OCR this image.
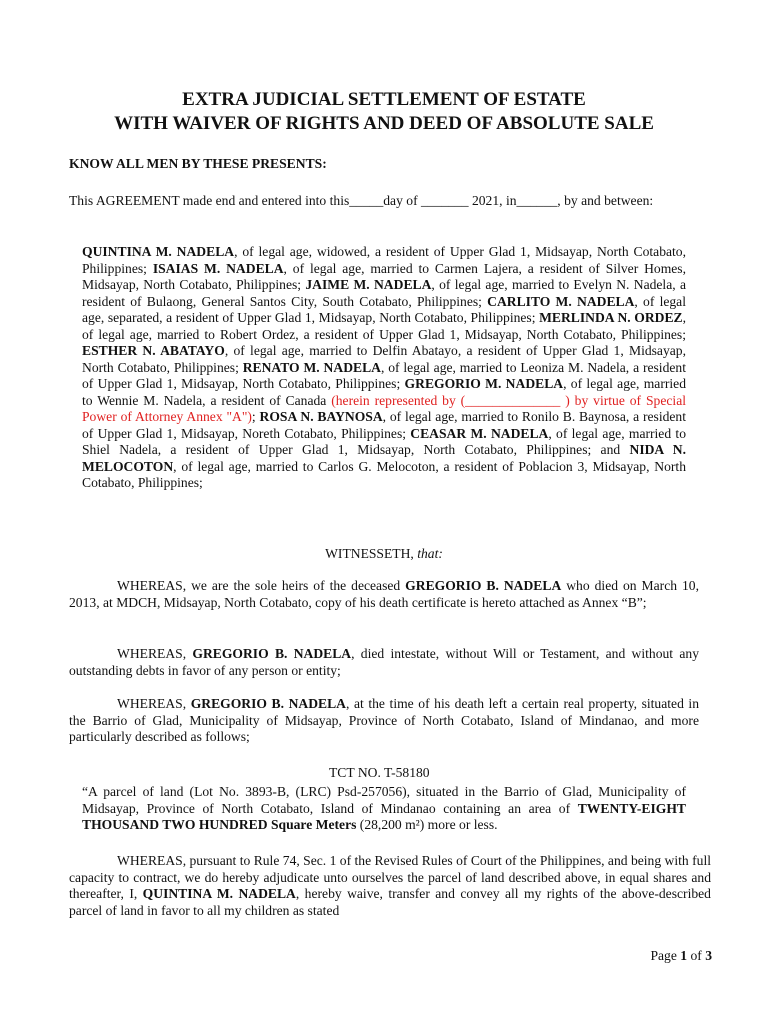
EXTRA JUDICIAL SETTLEMENT OF ESTATE
WITH WAIVER OF RIGHTS AND DEED OF ABSOLUTE SALE
KNOW ALL MEN BY THESE PRESENTS:
This AGREEMENT made end and entered into this_____day of _______ 2021, in______, by and between:
QUINTINA M. NADELA, of legal age, widowed, a resident of Upper Glad 1, Midsayap, North Cotabato, Philippines; ISAIAS M. NADELA, of legal age, married to Carmen Lajera, a resident of Silver Homes, Midsayap, North Cotabato, Philippines; JAIME M. NADELA, of legal age, married to Evelyn N. Nadela, a resident of Bulaong, General Santos City, South Cotabato, Philippines; CARLITO M. NADELA, of legal age, separated, a resident of Upper Glad 1, Midsayap, North Cotabato, Philippines; MERLINDA N. ORDEZ, of legal age, married to Robert Ordez, a resident of Upper Glad 1, Midsayap, North Cotabato, Philippines; ESTHER N. ABATAYO, of legal age, married to Delfin Abatayo, a resident of Upper Glad 1, Midsayap, North Cotabato, Philippines; RENATO M. NADELA, of legal age, married to Leoniza M. Nadela, a resident of Upper Glad 1, Midsayap, North Cotabato, Philippines; GREGORIO M. NADELA, of legal age, married to Wennie M. Nadela, a resident of Canada (herein represented by (______________ ) by virtue of Special Power of Attorney Annex "A"); ROSA N. BAYNOSA, of legal age, married to Ronilo B. Baynosa, a resident of Upper Glad 1, Midsayap, Noreth Cotabato, Philippines; CEASAR M. NADELA, of legal age, married to Shiel Nadela, a resident of Upper Glad 1, Midsayap, North Cotabato, Philippines; and NIDA N. MELOCOTON, of legal age, married to Carlos G. Melocoton, a resident of Poblacion 3, Midsayap, North Cotabato, Philippines;
WITNESSETH, that:
WHEREAS, we are the sole heirs of the deceased GREGORIO B. NADELA who died on March 10, 2013, at MDCH, Midsayap, North Cotabato, copy of his death certificate is hereto attached as Annex “B”;
WHEREAS, GREGORIO B. NADELA, died intestate, without Will or Testament, and without any outstanding debts in favor of any person or entity;
WHEREAS, GREGORIO B. NADELA, at the time of his death left a certain real property, situated in the Barrio of Glad, Municipality of Midsayap, Province of North Cotabato, Island of Mindanao, and more particularly described as follows;
TCT NO. T-58180
“A parcel of land (Lot No. 3893-B, (LRC) Psd-257056), situated in the Barrio of Glad, Municipality of Midsayap, Province of North Cotabato, Island of Mindanao containing an area of TWENTY-EIGHT THOUSAND TWO HUNDRED Square Meters (28,200 m²) more or less.
WHEREAS, pursuant to Rule 74, Sec. 1 of the Revised Rules of Court of the Philippines, and being with full capacity to contract, we do hereby adjudicate unto ourselves the parcel of land described above, in equal shares and thereafter, I, QUINTINA M. NADELA, hereby waive, transfer and convey all my rights of the above-described parcel of land in favor to all my children as stated
Page 1 of 3
